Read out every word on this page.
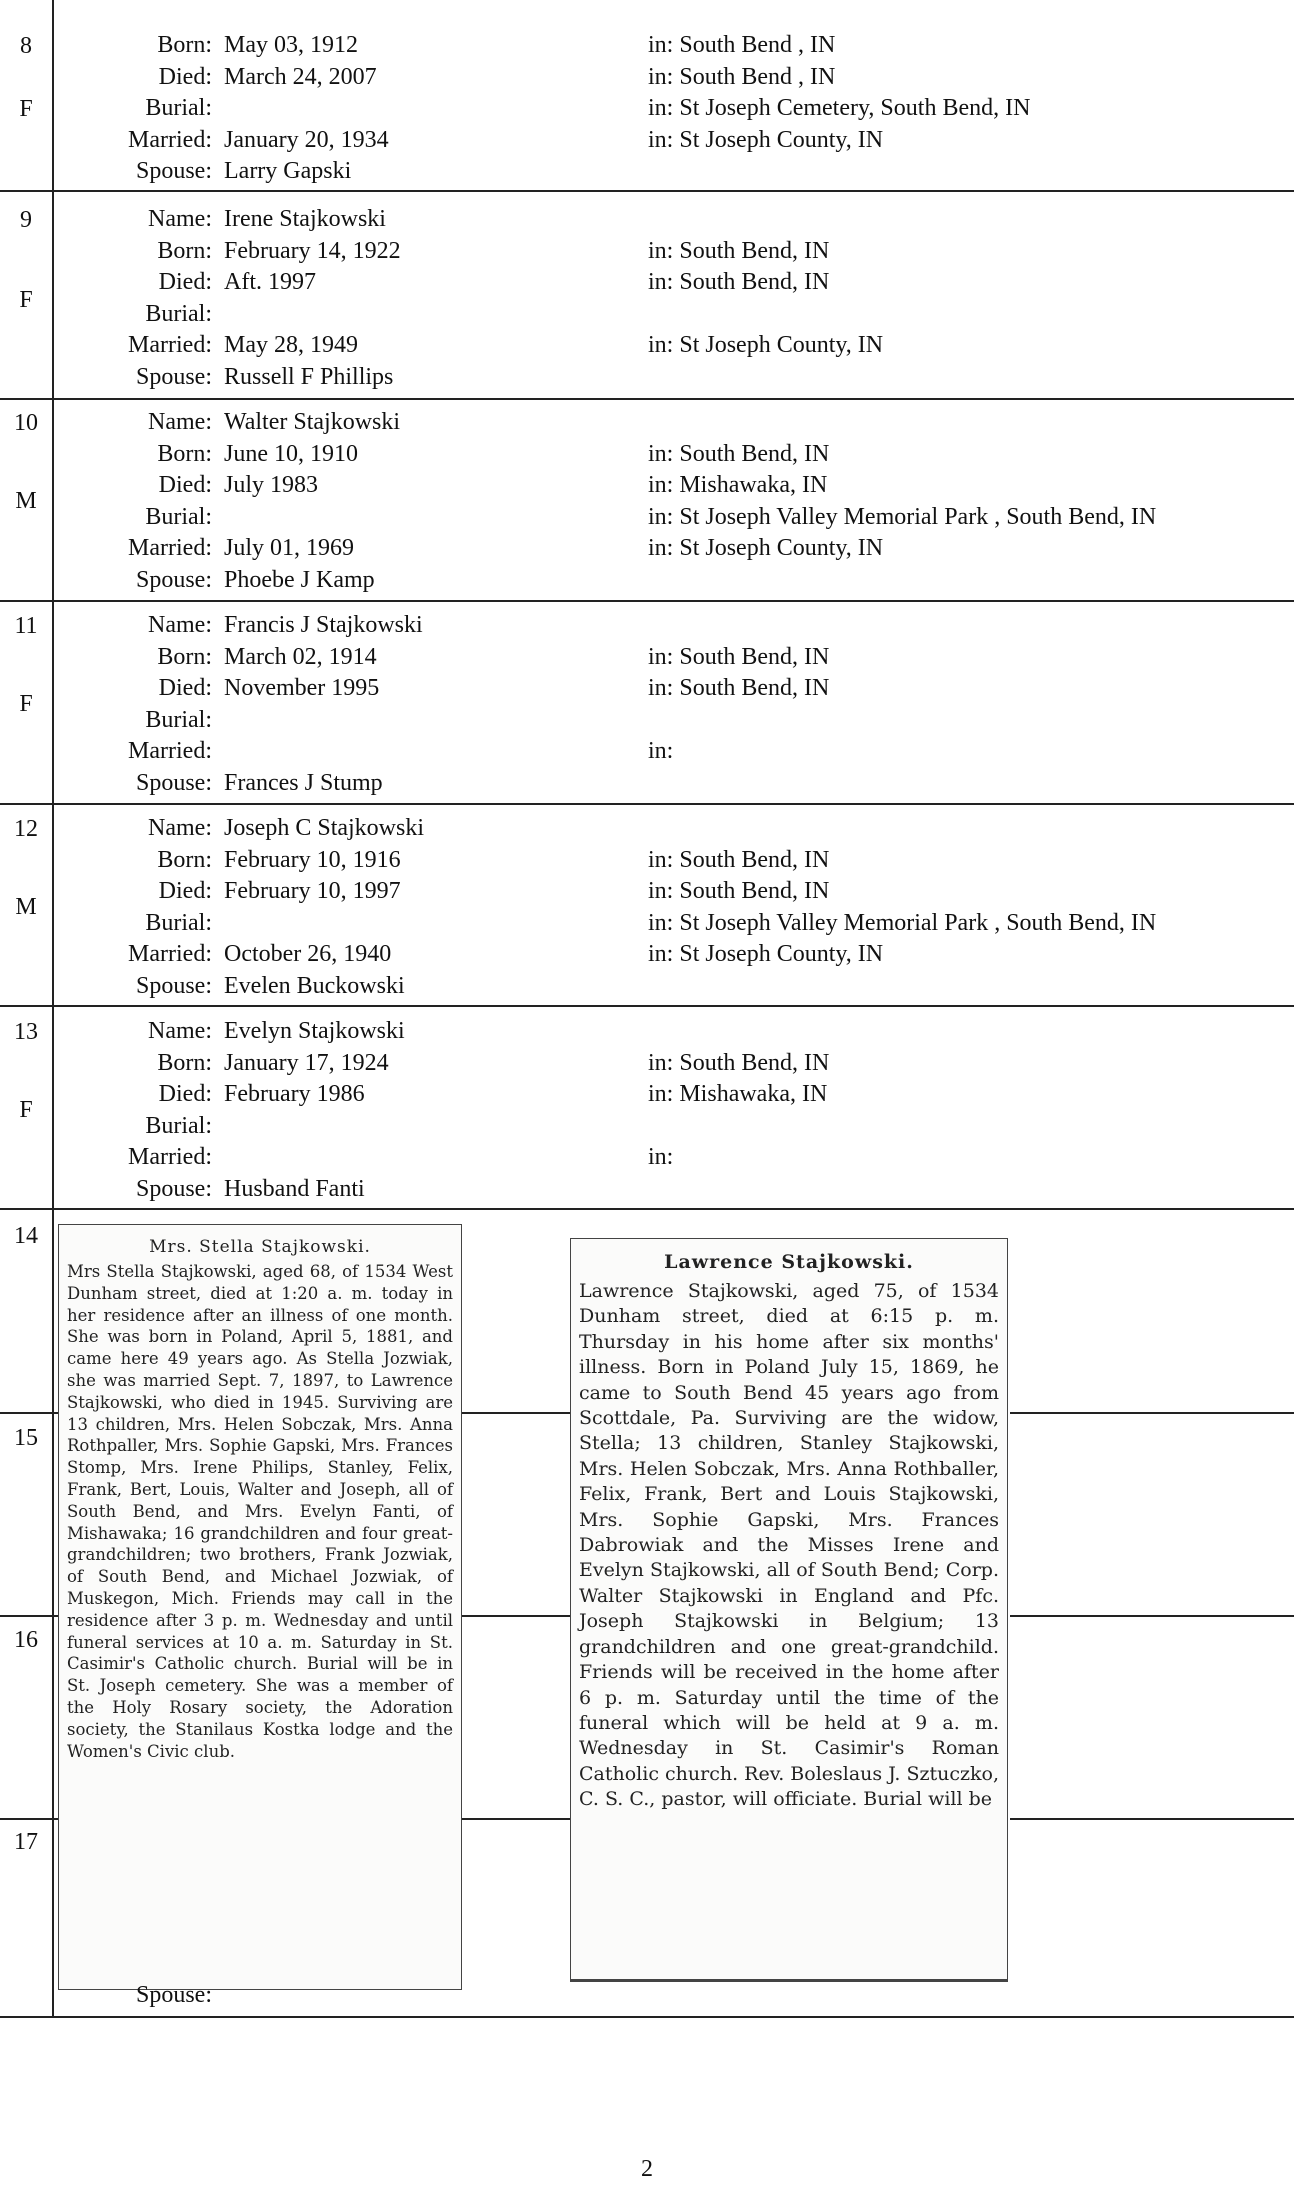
8
F
Born: May 03, 1912	in: South Bend , IN
Died: March 24, 2007	in: South Bend , IN
Burial:	in: St Joseph Cemetery, South Bend, IN
Married: January 20, 1934	in: St Joseph County, IN
Spouse: Larry Gapski
9
F
Name: Irene Stajkowski
Born: February 14, 1922	in: South Bend, IN
Died: Aft. 1997	in: South Bend, IN
Burial:
Married: May 28, 1949	in: St Joseph County, IN
Spouse: Russell F Phillips
10
M
Name: Walter Stajkowski
Born: June 10, 1910	in: South Bend, IN
Died: July 1983	in: Mishawaka, IN
Burial:	in: St Joseph Valley Memorial Park , South Bend, IN
Married: July 01, 1969	in: St Joseph County, IN
Spouse: Phoebe J Kamp
11
F
Name: Francis J Stajkowski
Born: March 02, 1914	in: South Bend, IN
Died: November 1995	in: South Bend, IN
Burial:
Married:	in:
Spouse: Frances J Stump
12
M
Name: Joseph C Stajkowski
Born: February 10, 1916	in: South Bend, IN
Died: February 10, 1997	in: South Bend, IN
Burial:	in: St Joseph Valley Memorial Park , South Bend, IN
Married: October 26, 1940	in: St Joseph County, IN
Spouse: Evelen Buckowski
13
F
Name: Evelyn Stajkowski
Born: January 17, 1924	in: South Bend, IN
Died: February 1986	in: Mishawaka, IN
Burial:
Married:	in:
Spouse: Husband Fanti
14
15
16
17
Mrs. Stella Stajkowski.
Mrs Stella Stajkowski, aged 68, of 1534 West Dunham street, died at 1:20 a. m. today in her residence after an illness of one month. She was born in Poland, April 5, 1881, and came here 49 years ago. As Stella Jozwiak, she was married Sept. 7, 1897, to Lawrence Stajkowski, who died in 1945. Surviving are 13 children, Mrs. Helen Sobczak, Mrs. Anna Rothpaller, Mrs. Sophie Gapski, Mrs. Frances Stomp, Mrs. Irene Philips, Stanley, Felix, Frank, Bert, Louis, Walter and Joseph, all of South Bend, and Mrs. Evelyn Fanti, of Mishawaka; 16 grandchildren and four great-grandchildren; two brothers, Frank Jozwiak, of South Bend, and Michael Jozwiak, of Muskegon, Mich. Friends may call in the residence after 3 p. m. Wednesday and until funeral services at 10 a. m. Saturday in St. Casimir's Catholic church. Burial will be in St. Joseph cemetery. She was a member of the Holy Rosary society, the Adoration society, the Stanilaus Kostka lodge and the Women's Civic club.
Spouse:
Lawrence Stajkowski.
Lawrence Stajkowski, aged 75, of 1534 Dunham street, died at 6:15 p. m. Thursday in his home after six months' illness. Born in Poland July 15, 1869, he came to South Bend 45 years ago from Scottdale, Pa. Surviving are the widow, Stella; 13 children, Stanley Stajkowski, Mrs. Helen Sobczak, Mrs. Anna Rothballer, Felix, Frank, Bert and Louis Stajkowski, Mrs. Sophie Gapski, Mrs. Frances Dabrowiak and the Misses Irene and Evelyn Stajkowski, all of South Bend; Corp. Walter Stajkowski in England and Pfc. Joseph Stajkowski in Belgium; 13 grandchildren and one great-grandchild. Friends will be received in the home after 6 p. m. Saturday until the time of the funeral which will be held at 9 a. m. Wednesday in St. Casimir's Roman Catholic church. Rev. Boleslaus J. Sztuczko, C. S. C., pastor, will officiate. Burial will be
2
